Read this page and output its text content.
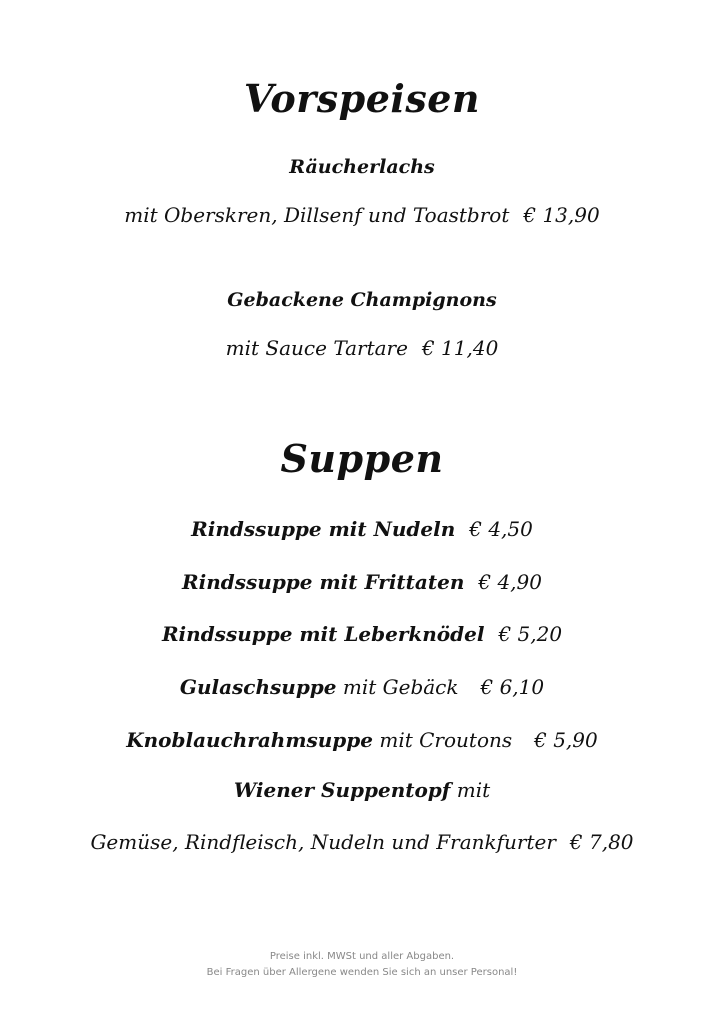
Vorspeisen
Räucherlachs
mit Oberskren, Dillsenf und Toastbrot € 13,90
Gebackene Champignons
mit Sauce Tartare € 11,40
Suppen
Rindssuppe mit Nudeln € 4,50
Rindssuppe mit Frittaten € 4,90
Rindssuppe mit Leberknödel € 5,20
Gulaschsuppe mit Gebäck € 6,10
Knoblauchrahmsuppe mit Croutons € 5,90
Wiener Suppentopf mit
Gemüse, Rindfleisch, Nudeln und Frankfurter € 7,80
Preise inkl. MWSt und aller Abgaben.
Bei Fragen über Allergene wenden Sie sich an unser Personal!
